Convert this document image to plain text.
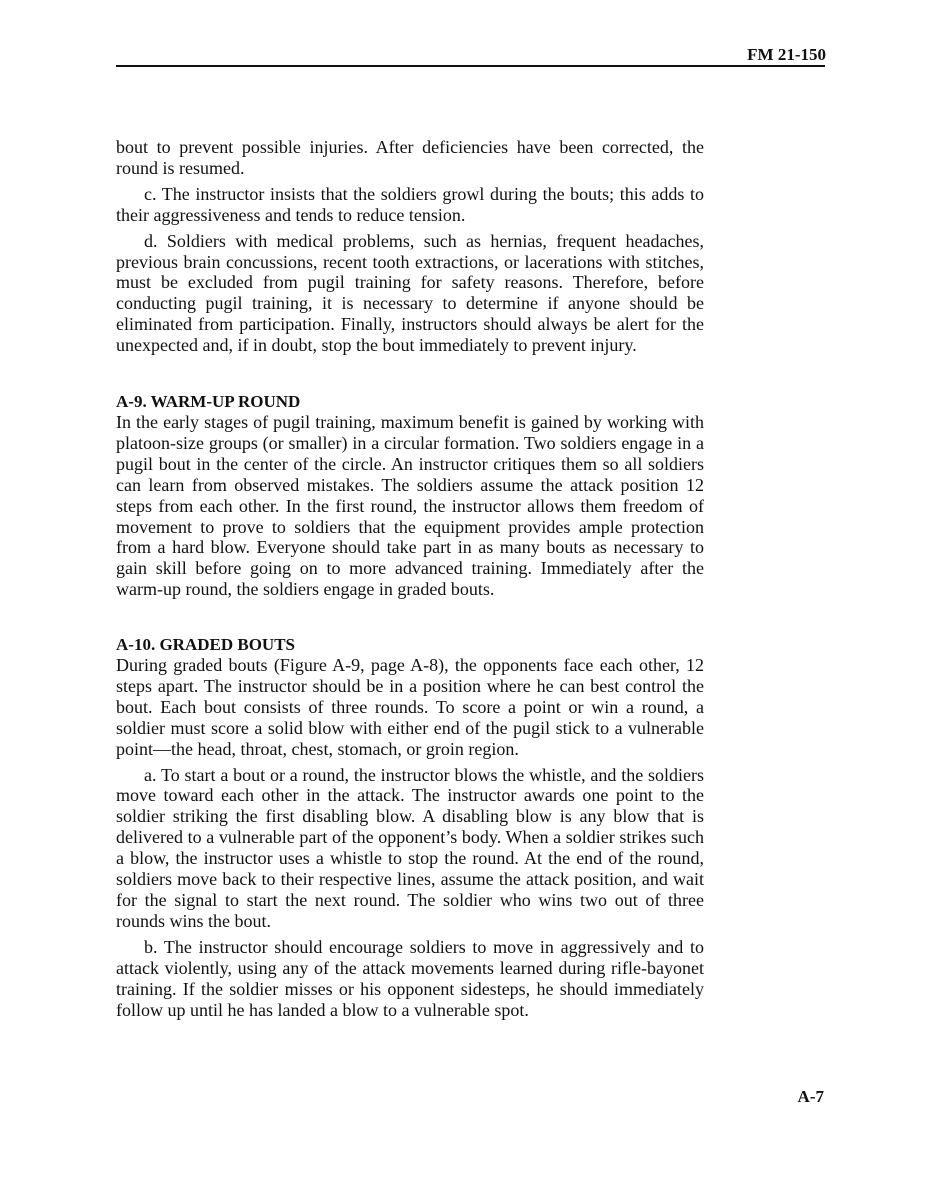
FM 21-150

bout to prevent possible injuries. After deficiencies have been corrected, the round is resumed.

c. The instructor insists that the soldiers growl during the bouts; this adds to their aggressiveness and tends to reduce tension.

d. Soldiers with medical problems, such as hernias, frequent headaches, previous brain concussions, recent tooth extractions, or lacerations with stitches, must be excluded from pugil training for safety reasons. Therefore, before conducting pugil training, it is necessary to determine if anyone should be eliminated from participation. Finally, instructors should always be alert for the unexpected and, if in doubt, stop the bout immediately to prevent injury.

A-9. WARM-UP ROUND

In the early stages of pugil training, maximum benefit is gained by working with platoon-size groups (or smaller) in a circular formation. Two soldiers engage in a pugil bout in the center of the circle. An instructor critiques them so all soldiers can learn from observed mistakes. The soldiers assume the attack position 12 steps from each other. In the first round, the instructor allows them freedom of movement to prove to soldiers that the equipment provides ample protection from a hard blow. Everyone should take part in as many bouts as necessary to gain skill before going on to more advanced training. Immediately after the warm-up round, the soldiers engage in graded bouts.

A-10. GRADED BOUTS

During graded bouts (Figure A-9, page A-8), the opponents face each other, 12 steps apart. The instructor should be in a position where he can best control the bout. Each bout consists of three rounds. To score a point or win a round, a soldier must score a solid blow with either end of the pugil stick to a vulnerable point—the head, throat, chest, stomach, or groin region.

a. To start a bout or a round, the instructor blows the whistle, and the soldiers move toward each other in the attack. The instructor awards one point to the soldier striking the first disabling blow. A disabling blow is any blow that is delivered to a vulnerable part of the opponent’s body. When a soldier strikes such a blow, the instructor uses a whistle to stop the round. At the end of the round, soldiers move back to their respective lines, assume the attack position, and wait for the signal to start the next round. The soldier who wins two out of three rounds wins the bout.

b. The instructor should encourage soldiers to move in aggressively and to attack violently, using any of the attack movements learned during rifle-bayonet training. If the soldier misses or his opponent sidesteps, he should immediately follow up until he has landed a blow to a vulnerable spot.

A-7
